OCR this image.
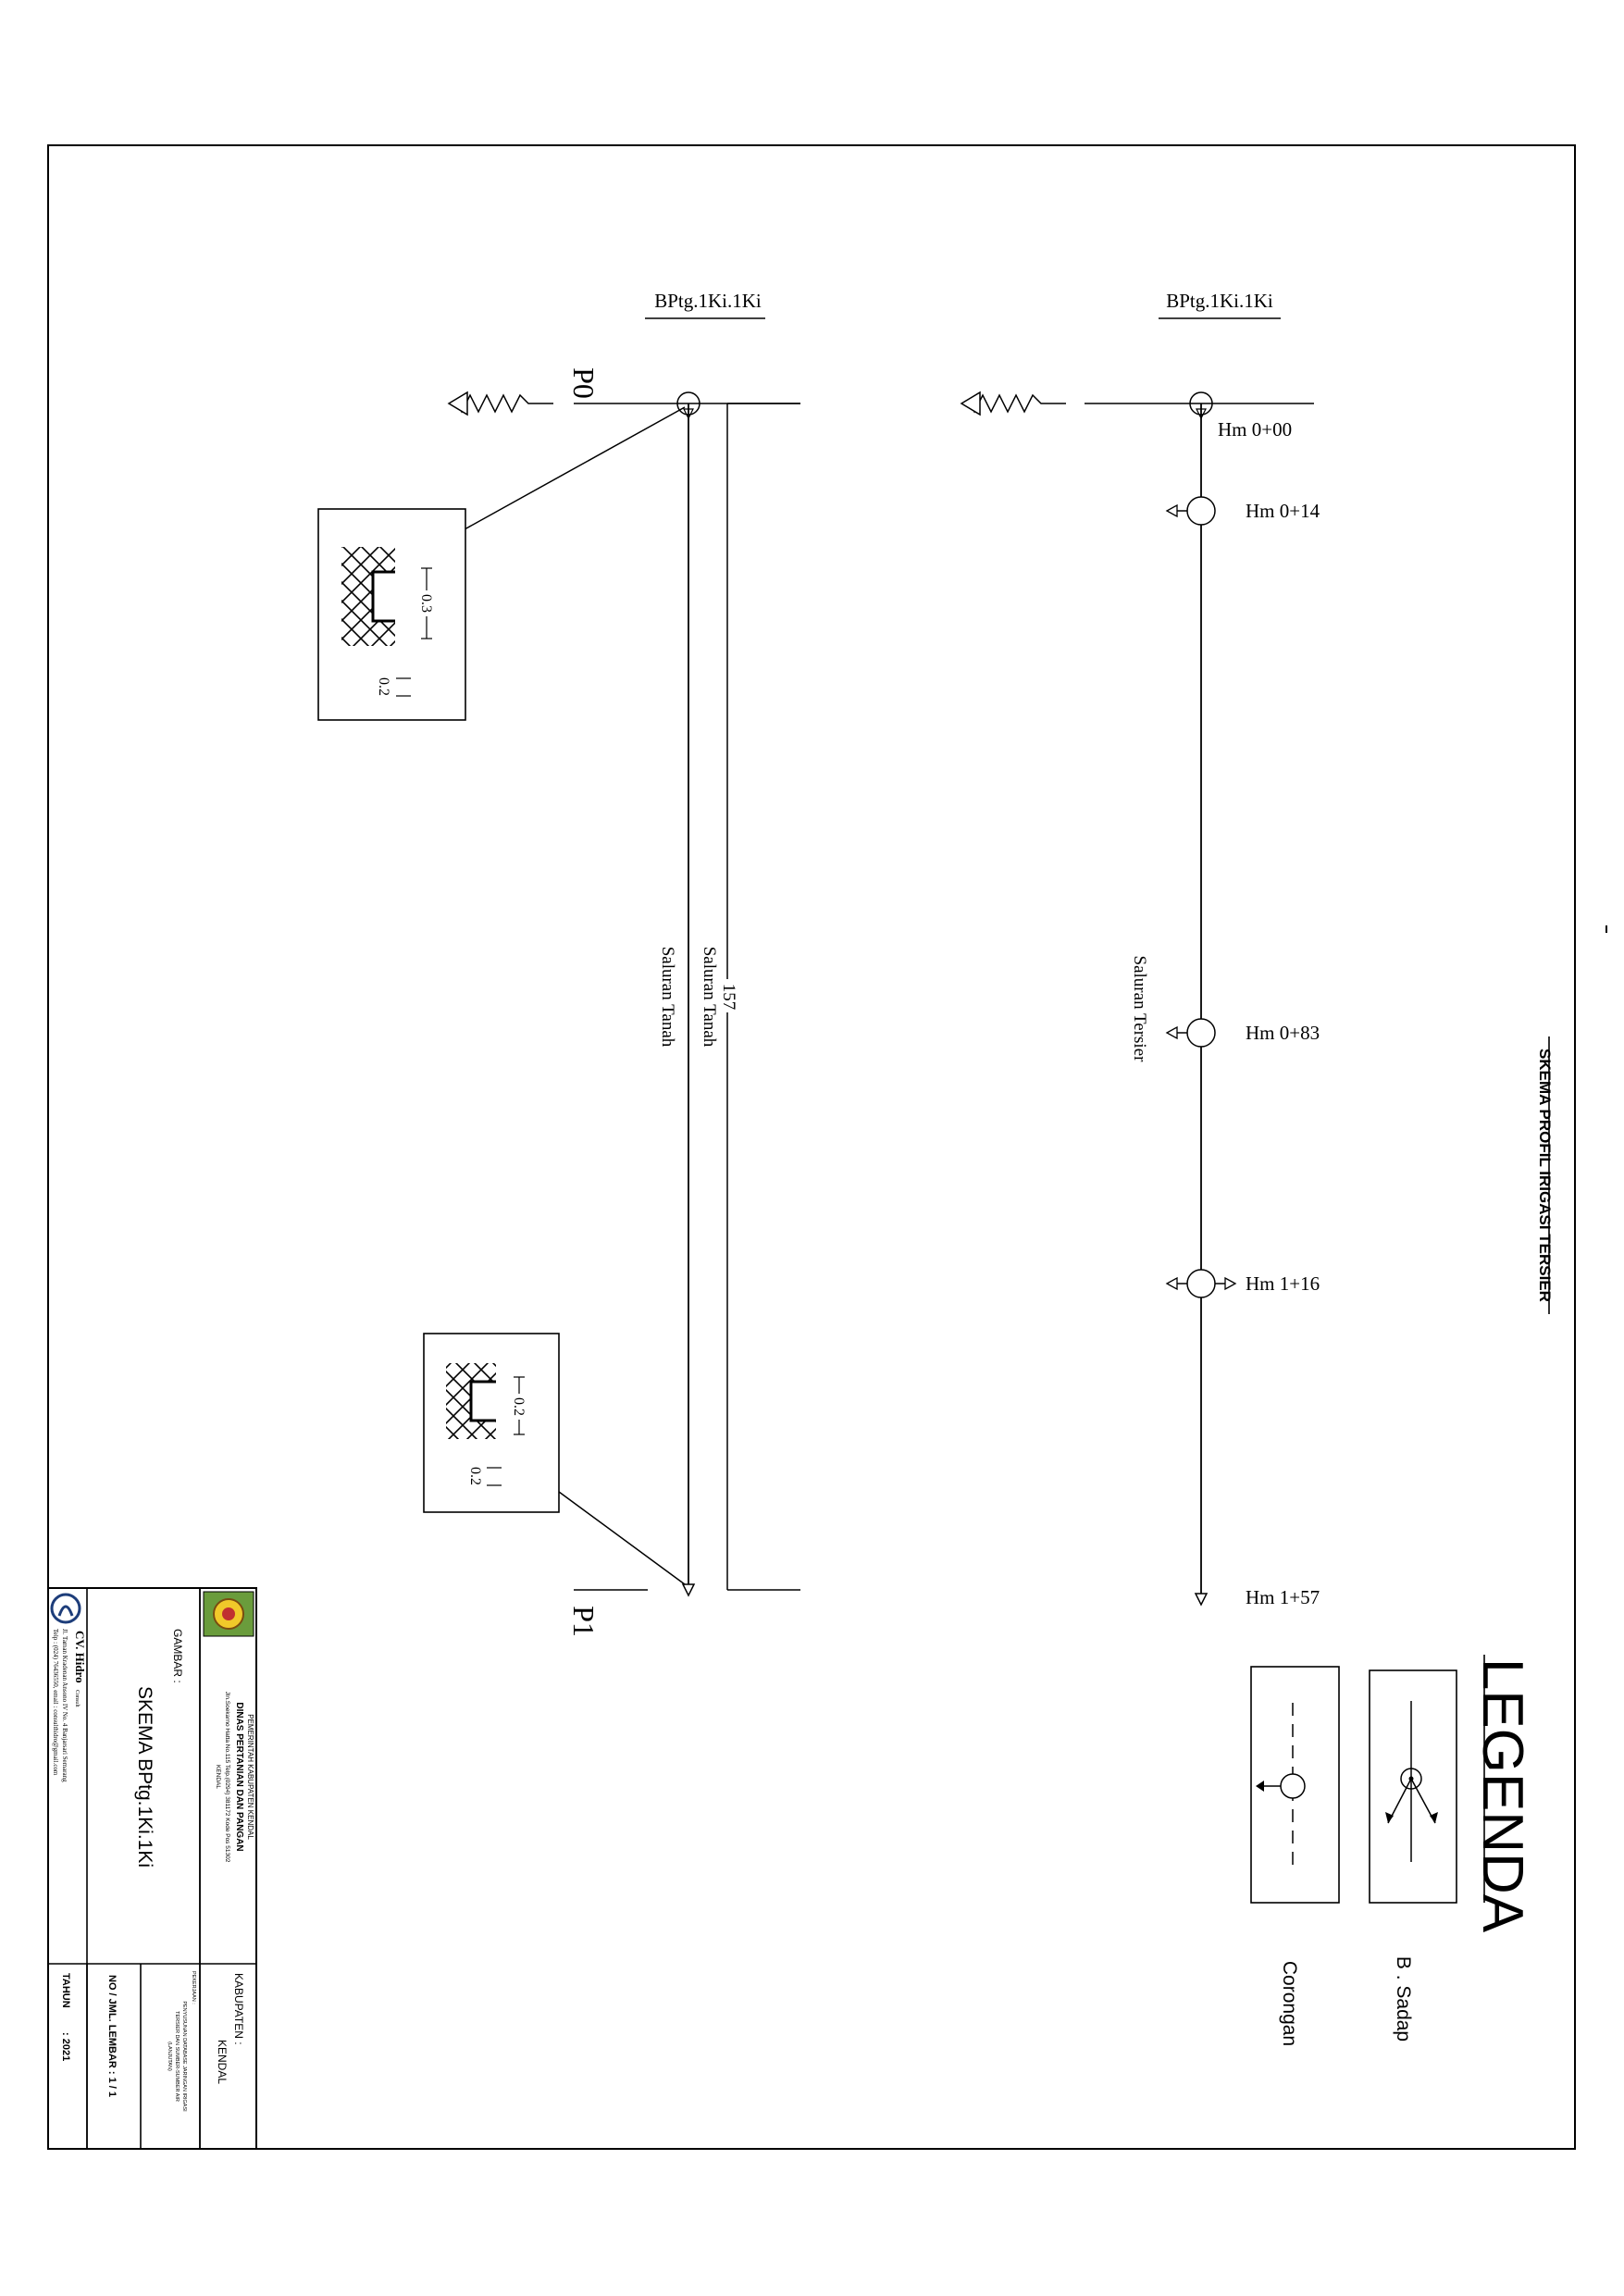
SKEMA PROFIL IRIGASI TERSIER
BPtg.1Ki.1Ki
P0
P1
157
Saluran Tanah
Saluran Tanah
0.3
0.2
0.2
0.2
BPtg.1Ki.1Ki
Saluran Tersier
Hm 0+00
Hm 0+14
Hm 0+83
Hm 1+16
Hm 1+57
LEGENDA
B . Sadap
Corongan
PEMERINTAH KABUPATEN KENDAL
DINAS PERTANIAN DAN PANGAN
Jln.Soekarno Hatta No.115 Telp.(0294) 381172 Kode Pos 51302
KENDAL
GAMBAR :
SKEMA BPtg.1Ki.1Ki
CV. Hidro
Consult
Jl. Taman Kradenan Ansono IV No. 4 Banjarsari Semarang
Telp : (024) 76436550, email : consulthidro@gmail.com
KABUPATEN :
KENDAL
PEKERJAAN :
PENYUSUNAN DATABASE JARINGAN IRIGASI
TERSIER DAN SUMBER-SUMBER AIR
(LANJUTAN)
NO / JML. LEMBAR : 1 / 1
TAHUN
: 2021
